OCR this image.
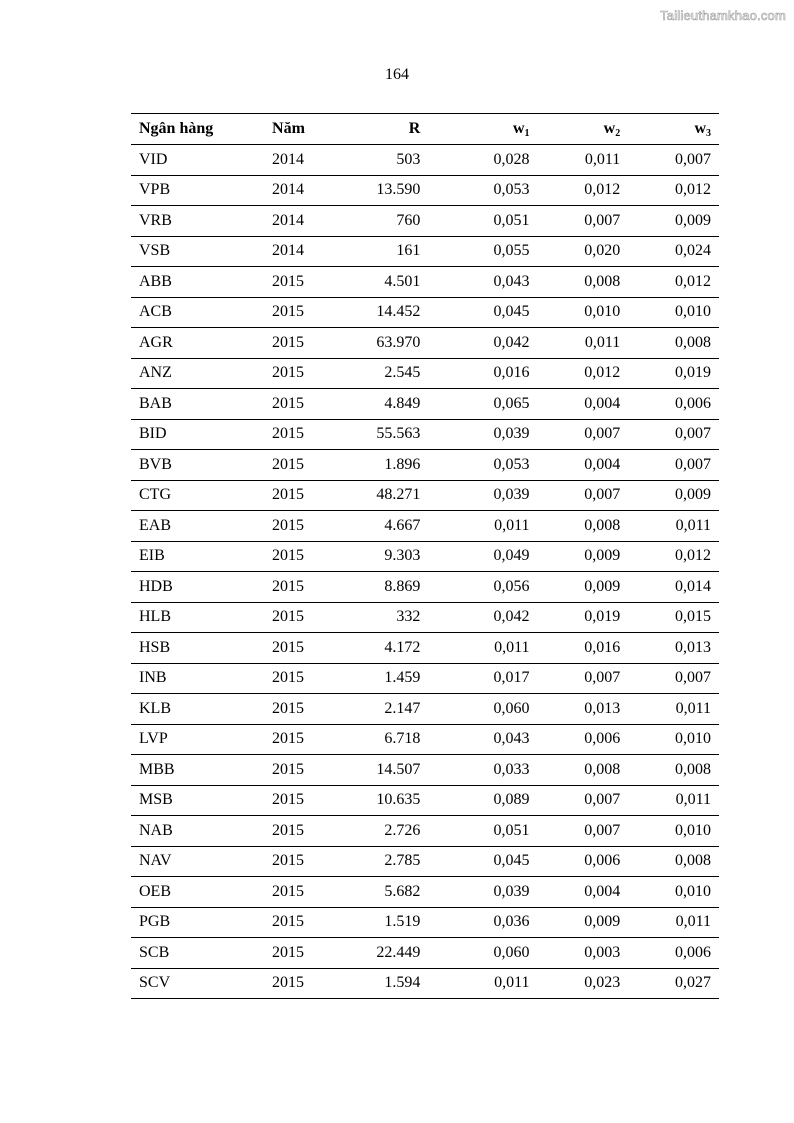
Tailieuthamkhao.com
164
Ngân hàng	Năm	R	w1	w2	w3
VID	2014	503	0,028	0,011	0,007
VPB	2014	13.590	0,053	0,012	0,012
VRB	2014	760	0,051	0,007	0,009
VSB	2014	161	0,055	0,020	0,024
ABB	2015	4.501	0,043	0,008	0,012
ACB	2015	14.452	0,045	0,010	0,010
AGR	2015	63.970	0,042	0,011	0,008
ANZ	2015	2.545	0,016	0,012	0,019
BAB	2015	4.849	0,065	0,004	0,006
BID	2015	55.563	0,039	0,007	0,007
BVB	2015	1.896	0,053	0,004	0,007
CTG	2015	48.271	0,039	0,007	0,009
EAB	2015	4.667	0,011	0,008	0,011
EIB	2015	9.303	0,049	0,009	0,012
HDB	2015	8.869	0,056	0,009	0,014
HLB	2015	332	0,042	0,019	0,015
HSB	2015	4.172	0,011	0,016	0,013
INB	2015	1.459	0,017	0,007	0,007
KLB	2015	2.147	0,060	0,013	0,011
LVP	2015	6.718	0,043	0,006	0,010
MBB	2015	14.507	0,033	0,008	0,008
MSB	2015	10.635	0,089	0,007	0,011
NAB	2015	2.726	0,051	0,007	0,010
NAV	2015	2.785	0,045	0,006	0,008
OEB	2015	5.682	0,039	0,004	0,010
PGB	2015	1.519	0,036	0,009	0,011
SCB	2015	22.449	0,060	0,003	0,006
SCV	2015	1.594	0,011	0,023	0,027
